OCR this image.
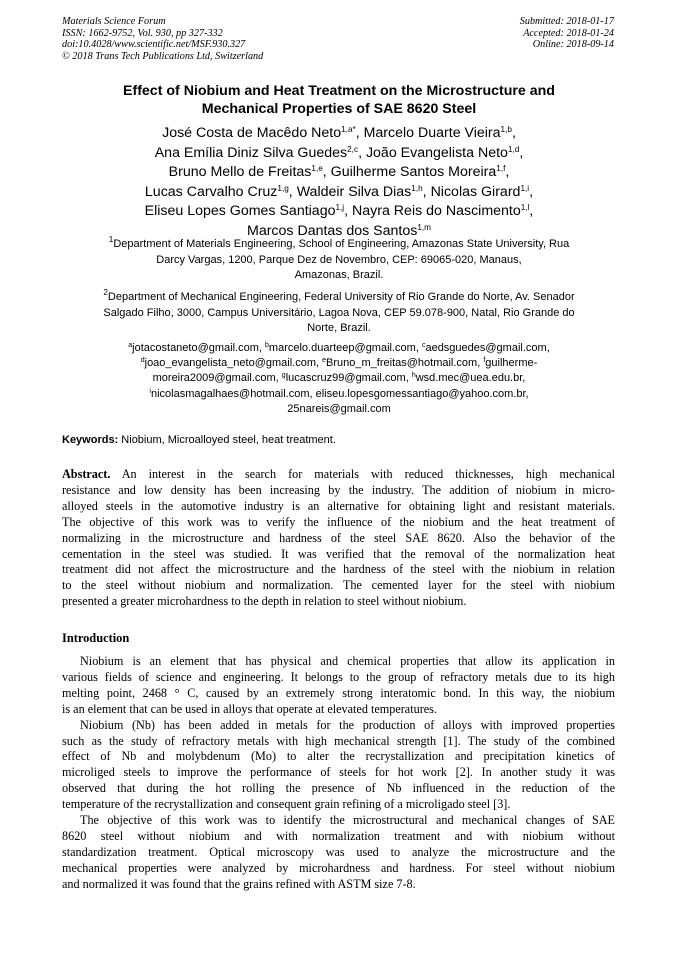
Materials Science Forum
ISSN: 1662-9752, Vol. 930, pp 327-332
doi:10.4028/www.scientific.net/MSF.930.327
© 2018 Trans Tech Publications Ltd, Switzerland
Submitted: 2018-01-17
Accepted: 2018-01-24
Online: 2018-09-14
Effect of Niobium and Heat Treatment on the Microstructure and
Mechanical Properties of SAE 8620 Steel
José Costa de Macêdo Neto$^{1,a*}$, Marcelo Duarte Vieira$^{1,b}$,
Ana Emília Diniz Silva Guedes$^{2,c}$, João Evangelista Neto$^{1,d}$,
Bruno Mello de Freitas$^{1,e}$, Guilherme Santos Moreira$^{1,f}$,
Lucas Carvalho Cruz$^{1,g}$, Waldeir Silva Dias$^{1,h}$, Nicolas Girard$^{1,i}$,
Eliseu Lopes Gomes Santiago$^{1,j}$, Nayra Reis do Nascimento$^{1,l}$,
Marcos Dantas dos Santos$^{1,m}$
$^1$Department of Materials Engineering, School of Engineering, Amazonas State University, Rua
Darcy Vargas, 1200, Parque Dez de Novembro, CEP: 69065-020, Manaus,
Amazonas, Brazil.
$^2$Department of Mechanical Engineering, Federal University of Rio Grande do Norte, Av. Senador
Salgado Filho, 3000, Campus Universitário, Lagoa Nova, CEP 59.078-900, Natal, Rio Grande do
Norte, Brazil.
$^a$jotacostaneto@gmail.com, $^b$marcelo.duarteep@gmail.com, $^c$aedsguedes@gmail.com,
$^d$joao_evangelista_neto@gmail.com, $^e$Bruno_m_freitas@hotmail.com, $^f$guilherme-
moreira2009@gmail.com, $^g$lucascruz99@gmail.com, $^h$wsd.mec@uea.edu.br,
$^i$nicolasmagalhaes@hotmail.com, eliseu.lopesgomessantiago@yahoo.com.br,
25nareis@gmail.com
Keywords: Niobium, Microalloyed steel, heat treatment.
Abstract. An interest in the search for materials with reduced thicknesses, high mechanical
resistance and low density has been increasing by the industry. The addition of niobium in micro-
alloyed steels in the automotive industry is an alternative for obtaining light and resistant materials.
The objective of this work was to verify the influence of the niobium and the heat treatment of
normalizing in the microstructure and hardness of the steel SAE 8620. Also the behavior of the
cementation in the steel was studied. It was verified that the removal of the normalization heat
treatment did not affect the microstructure and the hardness of the steel with the niobium in relation
to the steel without niobium and normalization. The cemented layer for the steel with niobium
presented a greater microhardness to the depth in relation to steel without niobium.
Introduction
Niobium is an element that has physical and chemical properties that allow its application in
various fields of science and engineering. It belongs to the group of refractory metals due to its high
melting point, 2468 ° C, caused by an extremely strong interatomic bond. In this way, the niobium
is an element that can be used in alloys that operate at elevated temperatures.
Niobium (Nb) has been added in metals for the production of alloys with improved properties
such as the study of refractory metals with high mechanical strength [1]. The study of the combined
effect of Nb and molybdenum (Mo) to alter the recrystallization and precipitation kinetics of
microliged steels to improve the performance of steels for hot work [2]. In another study it was
observed that during the hot rolling the presence of Nb influenced in the reduction of the
temperature of the recrystallization and consequent grain refining of a microligado steel [3].
The objective of this work was to identify the microstructural and mechanical changes of SAE
8620 steel without niobium and with normalization treatment and with niobium without
standardization treatment. Optical microscopy was used to analyze the microstructure and the
mechanical properties were analyzed by microhardness and hardness. For steel without niobium
and normalized it was found that the grains refined with ASTM size 7-8.
